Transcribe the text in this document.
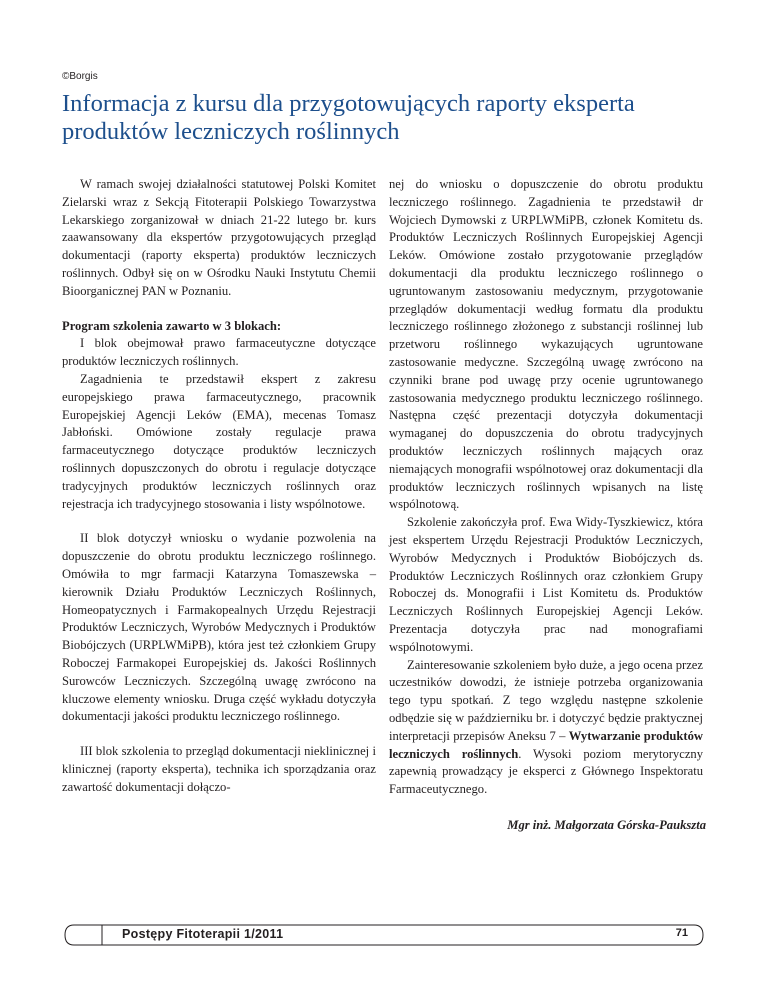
©Borgis
Informacja z kursu dla przygotowujących raporty eksperta produktów leczniczych roślinnych

W ramach swojej działalności statutowej Polski Komitet Zielarski wraz z Sekcją Fitoterapii Polskiego Towarzystwa Lekarskiego zorganizował w dniach 21-22 lutego br. kurs zaawansowany dla ekspertów przygotowujących przegląd dokumentacji (raporty eksperta) produktów leczniczych roślinnych. Odbył się on w Ośrodku Nauki Instytutu Chemii Bioorganicznej PAN w Poznaniu.

Program szkolenia zawarto w 3 blokach:

I blok obejmował prawo farmaceutyczne dotyczące produktów leczniczych roślinnych.

Zagadnienia te przedstawił ekspert z zakresu europejskiego prawa farmaceutycznego, pracownik Europejskiej Agencji Leków (EMA), mecenas Tomasz Jabłoński. Omówione zostały regulacje prawa farmaceutycznego dotyczące produktów leczniczych roślinnych dopuszczonych do obrotu i regulacje dotyczące tradycyjnych produktów leczniczych roślinnych oraz rejestracja ich tradycyjnego stosowania i listy wspólnotowe.

II blok dotyczył wniosku o wydanie pozwolenia na dopuszczenie do obrotu produktu leczniczego roślinnego. Omówiła to mgr farmacji Katarzyna Tomaszewska – kierownik Działu Produktów Leczniczych Roślinnych, Homeopatycznych i Farmakopealnych Urzędu Rejestracji Produktów Leczniczych, Wyrobów Medycznych i Produktów Biobójczych (URPLWMiPB), która jest też członkiem Grupy Roboczej Farmakopei Europejskiej ds. Jakości Roślinnych Surowców Leczniczych. Szczególną uwagę zwrócono na kluczowe elementy wniosku. Druga część wykładu dotyczyła dokumentacji jakości produktu leczniczego roślinnego.

III blok szkolenia to przegląd dokumentacji nieklinicznej i klinicznej (raporty eksperta), technika ich sporządzania oraz zawartość dokumentacji dołączo-

nej do wniosku o dopuszczenie do obrotu produktu leczniczego roślinnego. Zagadnienia te przedstawił dr Wojciech Dymowski z URPLWMiPB, członek Komitetu ds. Produktów Leczniczych Roślinnych Europejskiej Agencji Leków. Omówione zostało przygotowanie przeglądów dokumentacji dla produktu leczniczego roślinnego o ugruntowanym zastosowaniu medycznym, przygotowanie przeglądów dokumentacji według formatu dla produktu leczniczego roślinnego złożonego z substancji roślinnej lub przetworu roślinnego wykazujących ugruntowane zastosowanie medyczne. Szczególną uwagę zwrócono na czynniki brane pod uwagę przy ocenie ugruntowanego zastosowania medycznego produktu leczniczego roślinnego. Następna część prezentacji dotyczyła dokumentacji wymaganej do dopuszczenia do obrotu tradycyjnych produktów leczniczych roślinnych mających oraz niemających monografii wspólnotowej oraz dokumentacji dla produktów leczniczych roślinnych wpisanych na listę wspólnotową.

Szkolenie zakończyła prof. Ewa Widy-Tyszkiewicz, która jest ekspertem Urzędu Rejestracji Produktów Leczniczych, Wyrobów Medycznych i Produktów Biobójczych ds. Produktów Leczniczych Roślinnych oraz członkiem Grupy Roboczej ds. Monografii i List Komitetu ds. Produktów Leczniczych Roślinnych Europejskiej Agencji Leków. Prezentacja dotyczyła prac nad monografiami wspólnotowymi.

Zainteresowanie szkoleniem było duże, a jego ocena przez uczestników dowodzi, że istnieje potrzeba organizowania tego typu spotkań. Z tego względu następne szkolenie odbędzie się w październiku br. i dotyczyć będzie praktycznej interpretacji przepisów Aneksu 7 – Wytwarzanie produktów leczniczych roślinnych. Wysoki poziom merytoryczny zapewnią prowadzący je eksperci z Głównego Inspektoratu Farmaceutycznego.

Mgr inż. Małgorzata Górska-Paukszta
Postępy Fitoterapii 1/2011	71
